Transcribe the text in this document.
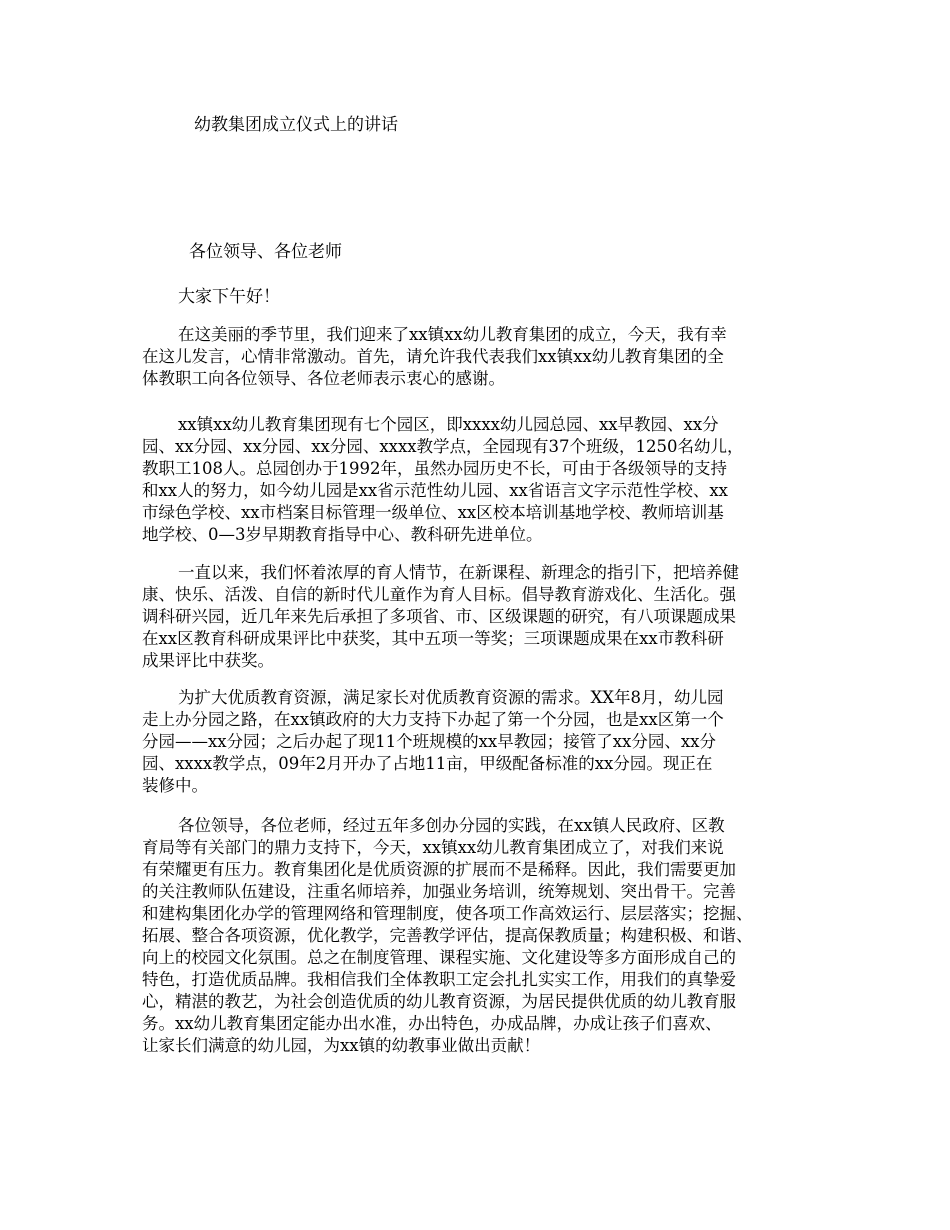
幼教集团成立仪式上的讲话
各位领导、各位老师
大家下午好！
在这美丽的季节里，我们迎来了xx镇xx幼儿教育集团的成立，今天，我有幸
在这儿发言，心情非常激动。首先，请允许我代表我们xx镇xx幼儿教育集团的全
体教职工向各位领导、各位老师表示衷心的感谢。
xx镇xx幼儿教育集团现有七个园区，即xxxx幼儿园总园、xx早教园、xx分
园、xx分园、xx分园、xx分园、xxxx教学点，全园现有37个班级，1250名幼儿，
教职工108人。总园创办于1992年，虽然办园历史不长，可由于各级领导的支持
和xx人的努力，如今幼儿园是xx省示范性幼儿园、xx省语言文字示范性学校、xx
市绿色学校、xx市档案目标管理一级单位、xx区校本培训基地学校、教师培训基
地学校、0—3岁早期教育指导中心、教科研先进单位。
一直以来，我们怀着浓厚的育人情节，在新课程、新理念的指引下，把培养健
康、快乐、活泼、自信的新时代儿童作为育人目标。倡导教育游戏化、生活化。强
调科研兴园，近几年来先后承担了多项省、市、区级课题的研究，有八项课题成果
在xx区教育科研成果评比中获奖，其中五项一等奖；三项课题成果在xx市教科研
成果评比中获奖。
为扩大优质教育资源，满足家长对优质教育资源的需求。XX年8月，幼儿园
走上办分园之路，在xx镇政府的大力支持下办起了第一个分园，也是xx区第一个
分园——xx分园；之后办起了现11个班规模的xx早教园；接管了xx分园、xx分
园、xxxx教学点，09年2月开办了占地11亩，甲级配备标准的xx分园。现正在
装修中。
各位领导，各位老师，经过五年多创办分园的实践，在xx镇人民政府、区教
育局等有关部门的鼎力支持下，今天，xx镇xx幼儿教育集团成立了，对我们来说
有荣耀更有压力。教育集团化是优质资源的扩展而不是稀释。因此，我们需要更加
的关注教师队伍建设，注重名师培养，加强业务培训，统筹规划、突出骨干。完善
和建构集团化办学的管理网络和管理制度，使各项工作高效运行、层层落实；挖掘、
拓展、整合各项资源，优化教学，完善教学评估，提高保教质量；构建积极、和谐、
向上的校园文化氛围。总之在制度管理、课程实施、文化建设等多方面形成自己的
特色，打造优质品牌。我相信我们全体教职工定会扎扎实实工作，用我们的真挚爱
心，精湛的教艺，为社会创造优质的幼儿教育资源，为居民提供优质的幼儿教育服
务。xx幼儿教育集团定能办出水准，办出特色，办成品牌，办成让孩子们喜欢、
让家长们满意的幼儿园，为xx镇的幼教事业做出贡献！
